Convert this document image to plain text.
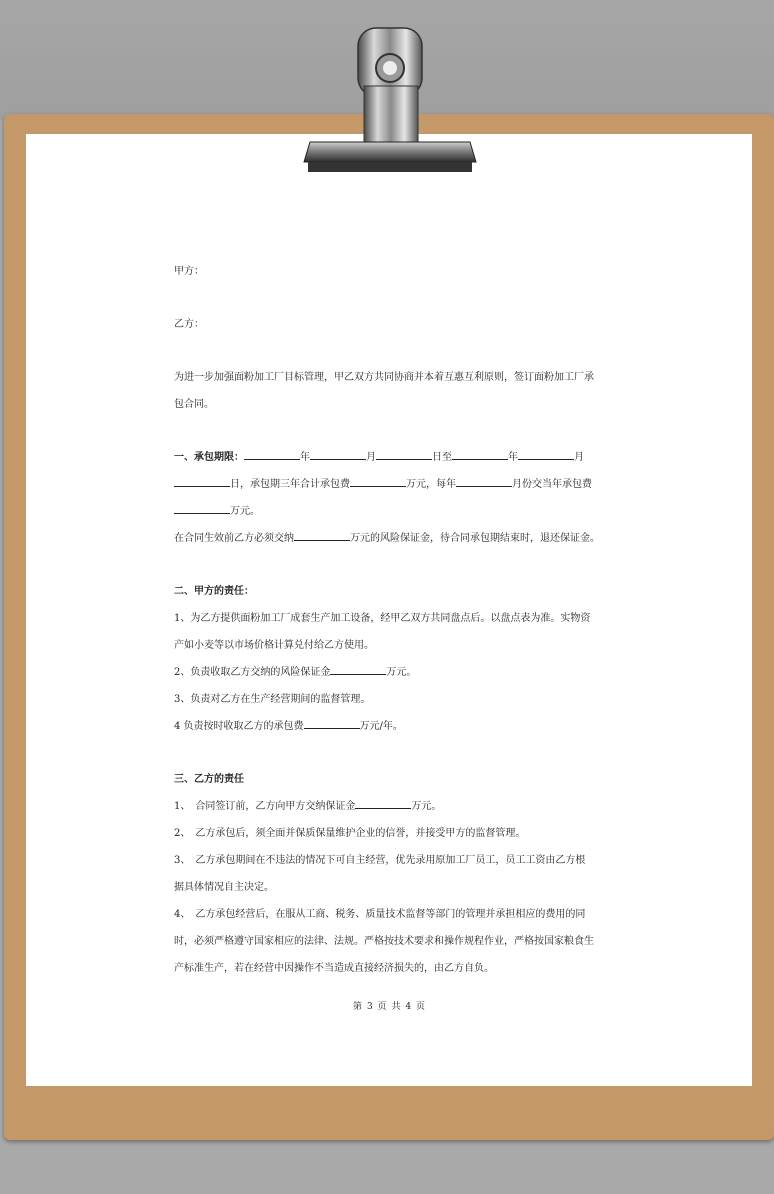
甲方：

乙方：

为进一步加强面粉加工厂目标管理，甲乙双方共同协商并本着互惠互利原则，签订面粉加工厂承

包合同。

一、承包期限：	年	月	日至	年	月

日，承包期三年合计承包费	万元，每年	月份交当年承包费

万元。

在合同生效前乙方必须交纳	万元的风险保证金，待合同承包期结束时，退还保证金。

二、甲方的责任：

1、为乙方提供面粉加工厂成套生产加工设备，经甲乙双方共同盘点后。以盘点表为准。实物资

产如小麦等以市场价格计算兑付给乙方使用。

2、负责收取乙方交纳的风险保证金	万元。

3、负责对乙方在生产经营期间的监督管理。

4 负责按时收取乙方的承包费	万元/年。

三、乙方的责任

1、　合同签订前，乙方向甲方交纳保证金	万元。

2、　乙方承包后，须全面并保质保量维护企业的信誉，并接受甲方的监督管理。

3、　乙方承包期间在不违法的情况下可自主经营，优先录用原加工厂员工，员工工资由乙方根

据具体情况自主决定。

4、　乙方承包经营后，在服从工商、税务、质量技术监督等部门的管理并承担相应的费用的同

时，必须严格遵守国家相应的法律、法规。严格按技术要求和操作规程作业，严格按国家粮食生

产标准生产，若在经营中因操作不当造成直接经济损失的，由乙方自负。

第 3 页 共 4 页
